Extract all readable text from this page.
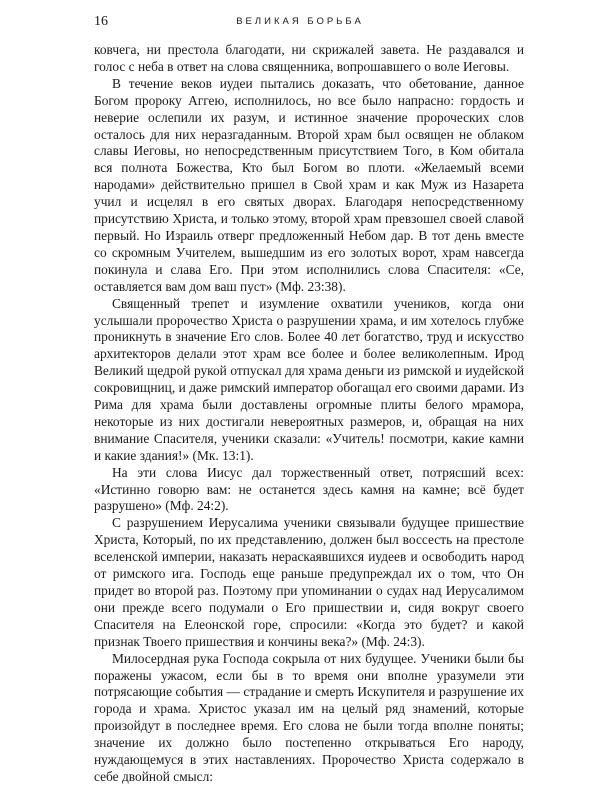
16	ВЕЛИКАЯ БОРЬБА

ковчега, ни престола благодати, ни скрижалей завета. Не раздавался и голос с неба в ответ на слова священника, вопрошавшего о воле Иеговы.

В течение веков иудеи пытались доказать, что обетование, данное Богом пророку Аггею, исполнилось, но все было напрасно: гордость и неверие ослепили их разум, и истинное значение пророческих слов осталось для них неразгаданным. Второй храм был освящен не облаком славы Иеговы, но непосредственным присутствием Того, в Ком обитала вся полнота Божества, Кто был Богом во плоти. «Желаемый всеми народами» действительно пришел в Свой храм и как Муж из Назарета учил и исцелял в его святых дворах. Благодаря непосредственному присутствию Христа, и только этому, второй храм превзошел своей славой первый. Но Израиль отверг предложенный Небом дар. В тот день вместе со скромным Учителем, вышедшим из его золотых ворот, храм навсегда покинула и слава Его. При этом исполнились слова Спасителя: «Се, оставляется вам дом ваш пуст» (Мф. 23:38).

Священный трепет и изумление охватили учеников, когда они услышали пророчество Христа о разрушении храма, и им хотелось глубже проникнуть в значение Его слов. Более 40 лет богатство, труд и искусство архитекторов делали этот храм все более и более великолепным. Ирод Великий щедрой рукой отпускал для храма деньги из римской и иудейской сокровищниц, и даже римский император обогащал его своими дарами. Из Рима для храма были доставлены огромные плиты белого мрамора, некоторые из них достигали невероятных размеров, и, обращая на них внимание Спасителя, ученики сказали: «Учитель! посмотри, какие камни и какие здания!» (Мк. 13:1).

На эти слова Иисус дал торжественный ответ, потрясший всех: «Истинно говорю вам: не останется здесь камня на камне; всё будет разрушено» (Мф. 24:2).

С разрушением Иерусалима ученики связывали будущее пришествие Христа, Который, по их представлению, должен был воссесть на престоле вселенской империи, наказать нераскаявшихся иудеев и освободить народ от римского ига. Господь еще раньше предупреждал их о том, что Он придет во второй раз. Поэтому при упоминании о судах над Иерусалимом они прежде всего подумали о Его пришествии и, сидя вокруг своего Спасителя на Елеонской горе, спросили: «Когда это будет? и какой признак Твоего пришествия и кончины века?» (Мф. 24:3).

Милосердная рука Господа сокрыла от них будущее. Ученики были бы поражены ужасом, если бы в то время они вполне уразумели эти потрясающие события — страдание и смерть Искупителя и разрушение их города и храма. Христос указал им на целый ряд знамений, которые произойдут в последнее время. Его слова не были тогда вполне поняты; значение их должно было постепенно открываться Его народу, нуждающемуся в этих наставлениях. Пророчество Христа содержало в себе двойной смысл:
